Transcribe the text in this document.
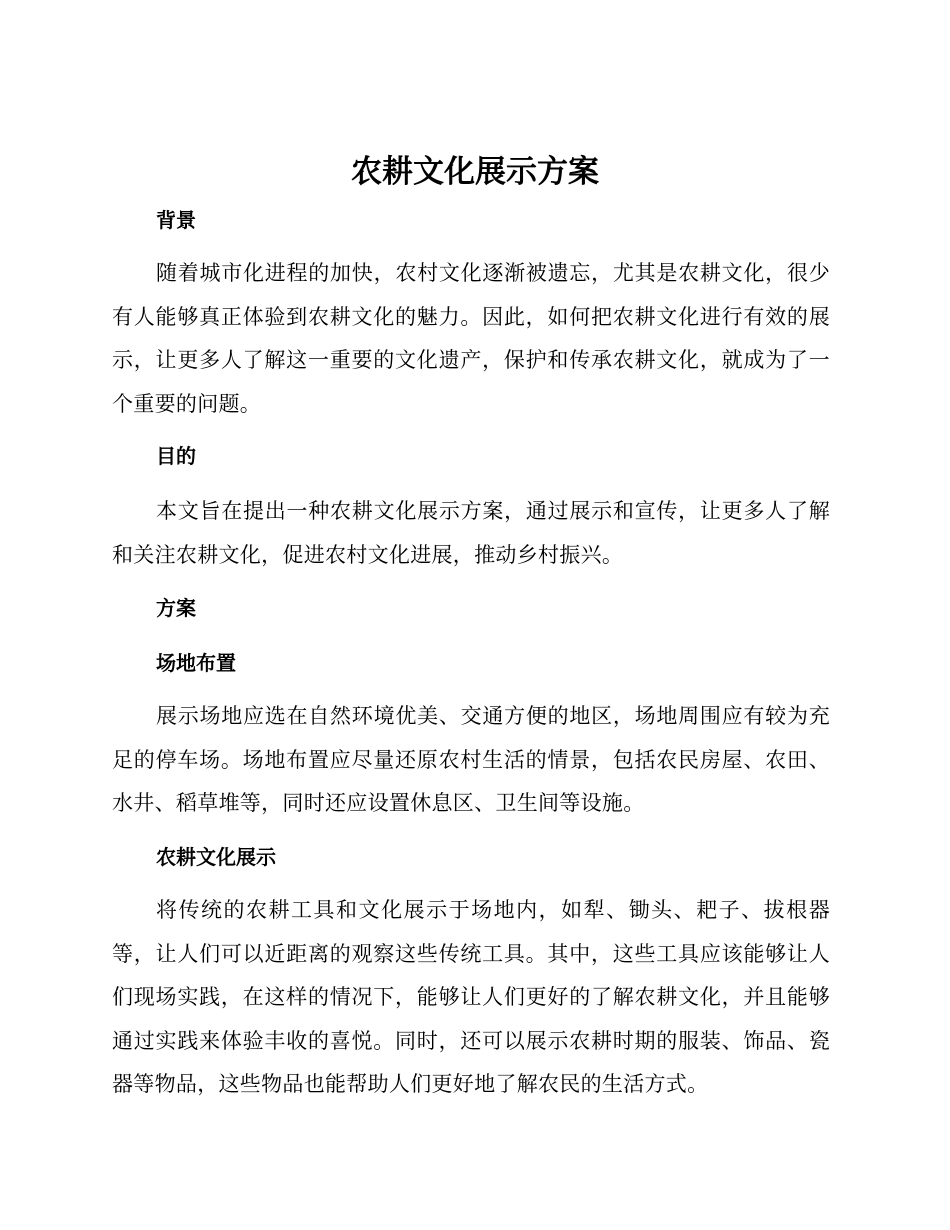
农耕文化展示方案
背景

随着城市化进程的加快，农村文化逐渐被遗忘，尤其是农耕文化，很少有人能够真正体验到农耕文化的魅力。因此，如何把农耕文化进行有效的展示，让更多人了解这一重要的文化遗产，保护和传承农耕文化，就成为了一个重要的问题。

目的

本文旨在提出一种农耕文化展示方案，通过展示和宣传，让更多人了解和关注农耕文化，促进农村文化进展，推动乡村振兴。

方案
场地布置

展示场地应选在自然环境优美、交通方便的地区，场地周围应有较为充足的停车场。场地布置应尽量还原农村生活的情景，包括农民房屋、农田、水井、稻草堆等，同时还应设置休息区、卫生间等设施。

农耕文化展示

将传统的农耕工具和文化展示于场地内，如犁、锄头、耙子、拔根器等，让人们可以近距离的观察这些传统工具。其中，这些工具应该能够让人们现场实践，在这样的情况下，能够让人们更好的了解农耕文化，并且能够通过实践来体验丰收的喜悦。同时，还可以展示农耕时期的服装、饰品、瓷器等物品，这些物品也能帮助人们更好地了解农民的生活方式。
